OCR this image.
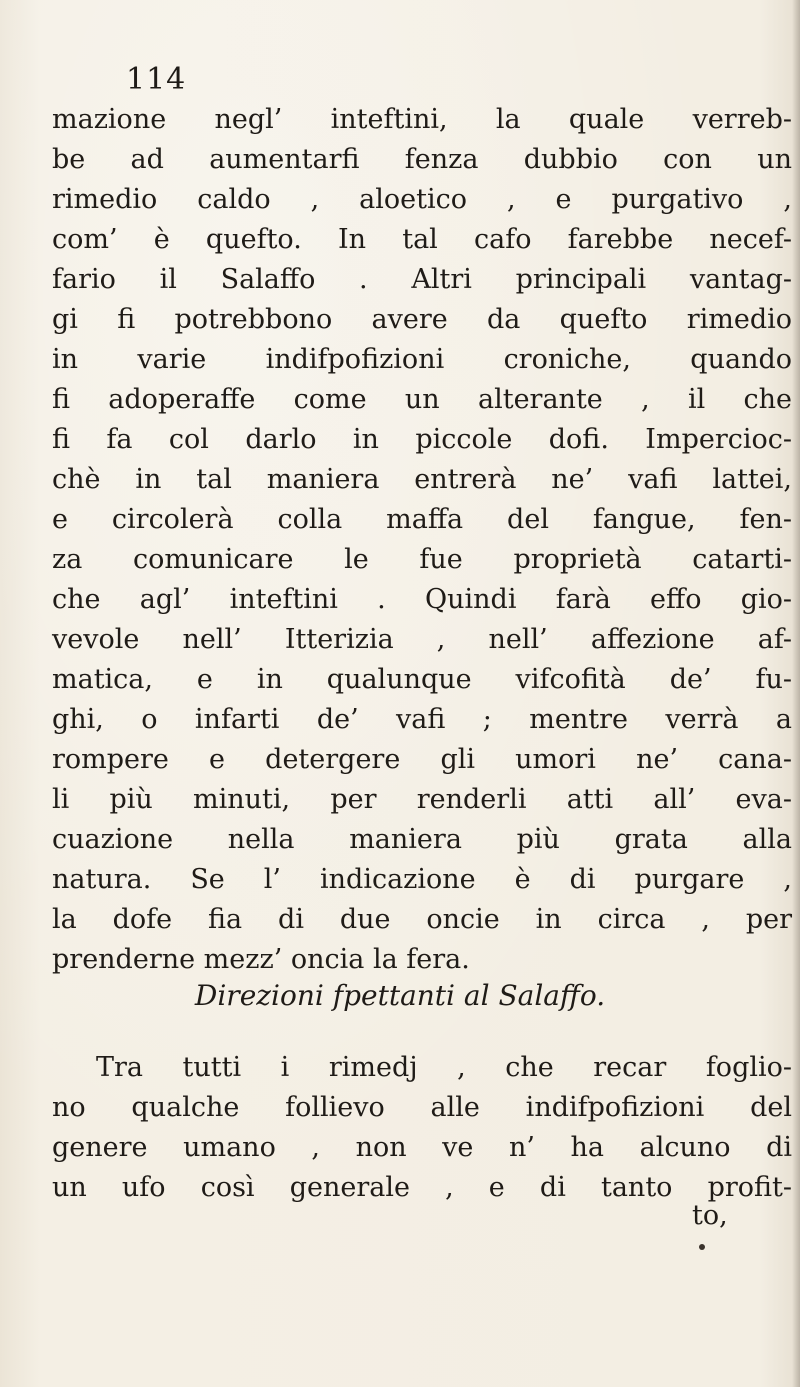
114
mazione negl’ inteftini, la quale verreb-
be ad aumentarfi fenza dubbio con un
rimedio caldo , aloetico , e purgativo ,
com’ è quefto. In tal cafo farebbe necef-
fario il Salaffo . Altri principali vantag-
gi fi potrebbono avere da quefto rimedio
in varie indifpofizioni croniche, quando
fi adoperaffe come un alterante , il che
fi fa col darlo in piccole dofi. Impercioc-
chè in tal maniera entrerà ne’ vafi lattei,
e circolerà colla maffa del fangue, fen-
za comunicare le fue proprietà catarti-
che agl’ inteftini . Quindi farà effo gio-
vevole nell’ Itterizia , nell’ affezione af-
matica, e in qualunque vifcofità de’ fu-
ghi, o infarti de’ vafi ; mentre verrà a
rompere e detergere gli umori ne’ cana-
li più minuti, per renderli atti all’ eva-
cuazione nella maniera più grata alla
natura. Se l’ indicazione è di purgare ,
la dofe fia di due oncie in circa , per
prenderne mezz’ oncia la fera.
Direzioni fpettanti al Salaffo.
Tra tutti i rimedj , che recar foglio-
no qualche follievo alle indifpofizioni del
genere umano , non ve n’ ha alcuno di
un ufo così generale , e di tanto profit-
to,
